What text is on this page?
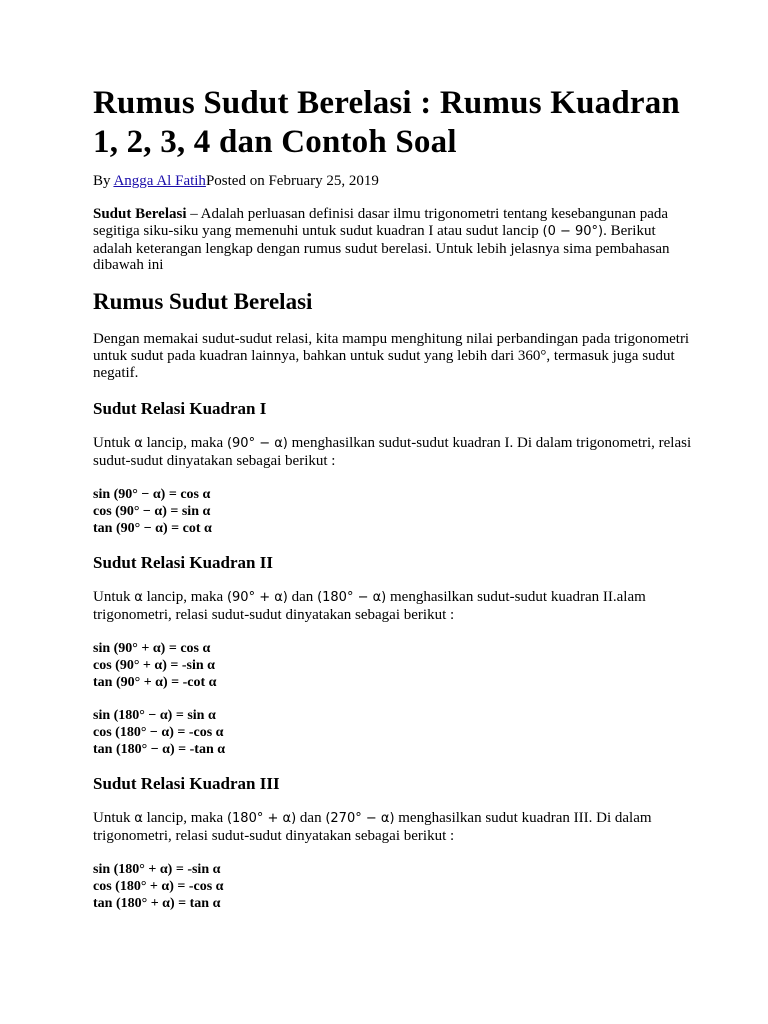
Rumus Sudut Berelasi : Rumus Kuadran 1, 2, 3, 4 dan Contoh Soal
By Angga Al FatihPosted on February 25, 2019

Sudut Berelasi – Adalah perluasan definisi dasar ilmu trigonometri tentang kesebangunan pada segitiga siku-siku yang memenuhi untuk sudut kuadran I atau sudut lancip (0 − 90°). Berikut adalah keterangan lengkap dengan rumus sudut berelasi. Untuk lebih jelasnya sima pembahasan dibawah ini

Rumus Sudut Berelasi

Dengan memakai sudut-sudut relasi, kita mampu menghitung nilai perbandingan pada trigonometri untuk sudut pada kuadran lainnya, bahkan untuk sudut yang lebih dari 360°, termasuk juga sudut negatif.

Sudut Relasi Kuadran I

Untuk α lancip, maka (90° − α) menghasilkan sudut-sudut kuadran I. Di dalam trigonometri, relasi sudut-sudut dinyatakan sebagai berikut :

sin (90° − α) = cos α
cos (90° − α) = sin α
tan (90° − α) = cot α
Sudut Relasi Kuadran II

Untuk α lancip, maka (90° + α) dan (180° − α) menghasilkan sudut-sudut kuadran II.alam trigonometri, relasi sudut-sudut dinyatakan sebagai berikut :

sin (90° + α) = cos α
cos (90° + α) = -sin α
tan (90° + α) = -cot α
sin (180° − α) = sin α
cos (180° − α) = -cos α
tan (180° − α) = -tan α
Sudut Relasi Kuadran III

Untuk α lancip, maka (180° + α) dan (270° − α) menghasilkan sudut kuadran III. Di dalam trigonometri, relasi sudut-sudut dinyatakan sebagai berikut :

sin (180° + α) = -sin α
cos (180° + α) = -cos α
tan (180° + α) = tan α
